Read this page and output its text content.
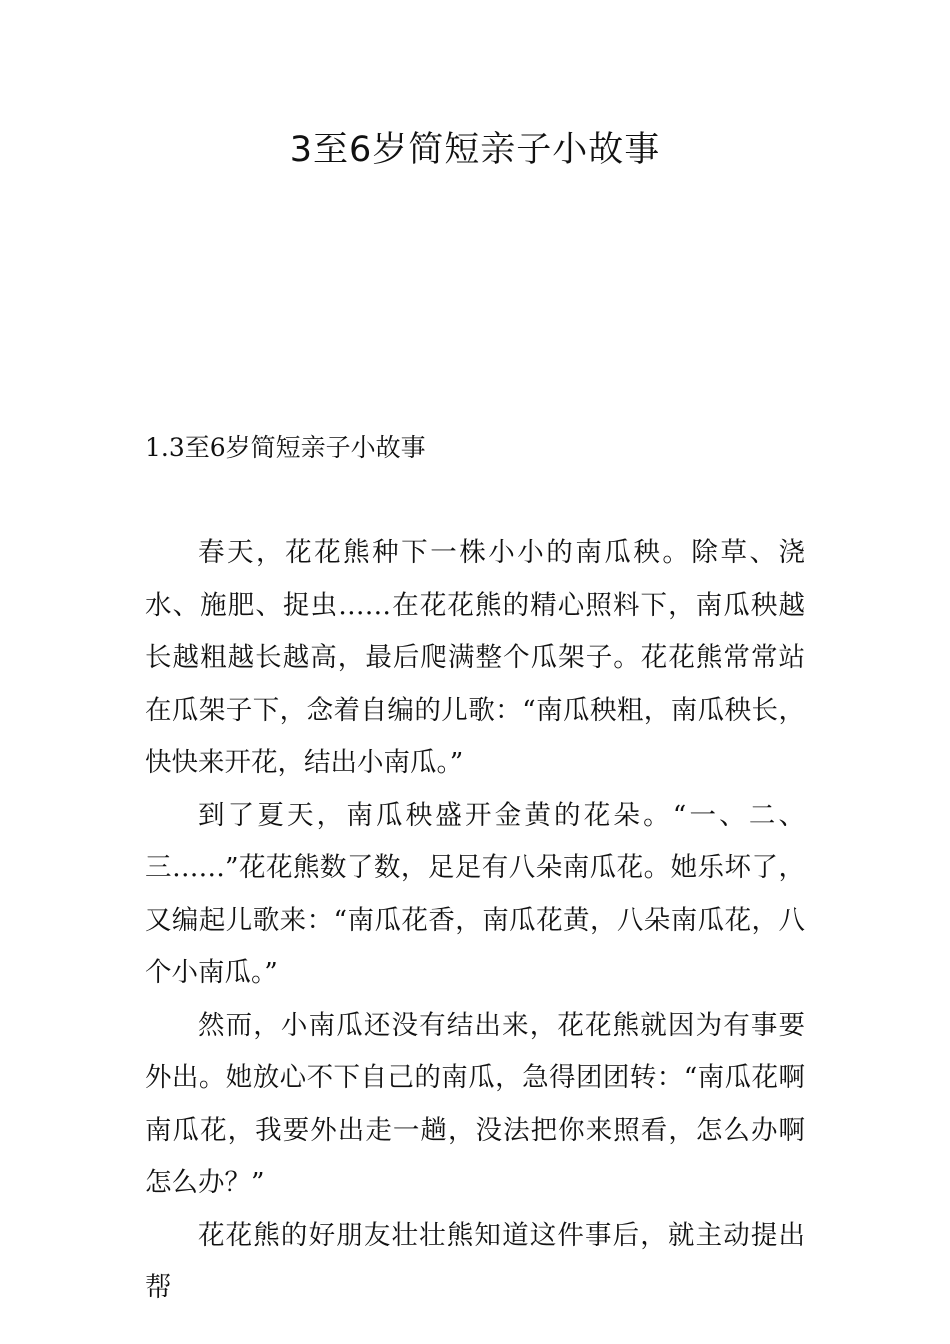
3至6岁简短亲子小故事
1.3至6岁简短亲子小故事

春天，花花熊种下一株小小的南瓜秧。除草、浇水、施肥、捉虫……在花花熊的精心照料下，南瓜秧越长越粗越长越高，最后爬满整个瓜架子。花花熊常常站在瓜架子下，念着自编的儿歌：“南瓜秧粗，南瓜秧长，快快来开花，结出小南瓜。”

到了夏天，南瓜秧盛开金黄的花朵。“一、二、三……”花花熊数了数，足足有八朵南瓜花。她乐坏了，又编起儿歌来：“南瓜花香，南瓜花黄，八朵南瓜花，八个小南瓜。”

然而，小南瓜还没有结出来，花花熊就因为有事要外出。她放心不下自己的南瓜，急得团团转：“南瓜花啊南瓜花，我要外出走一趟，没法把你来照看，怎么办啊怎么办？”

花花熊的好朋友壮壮熊知道这件事后，就主动提出帮
